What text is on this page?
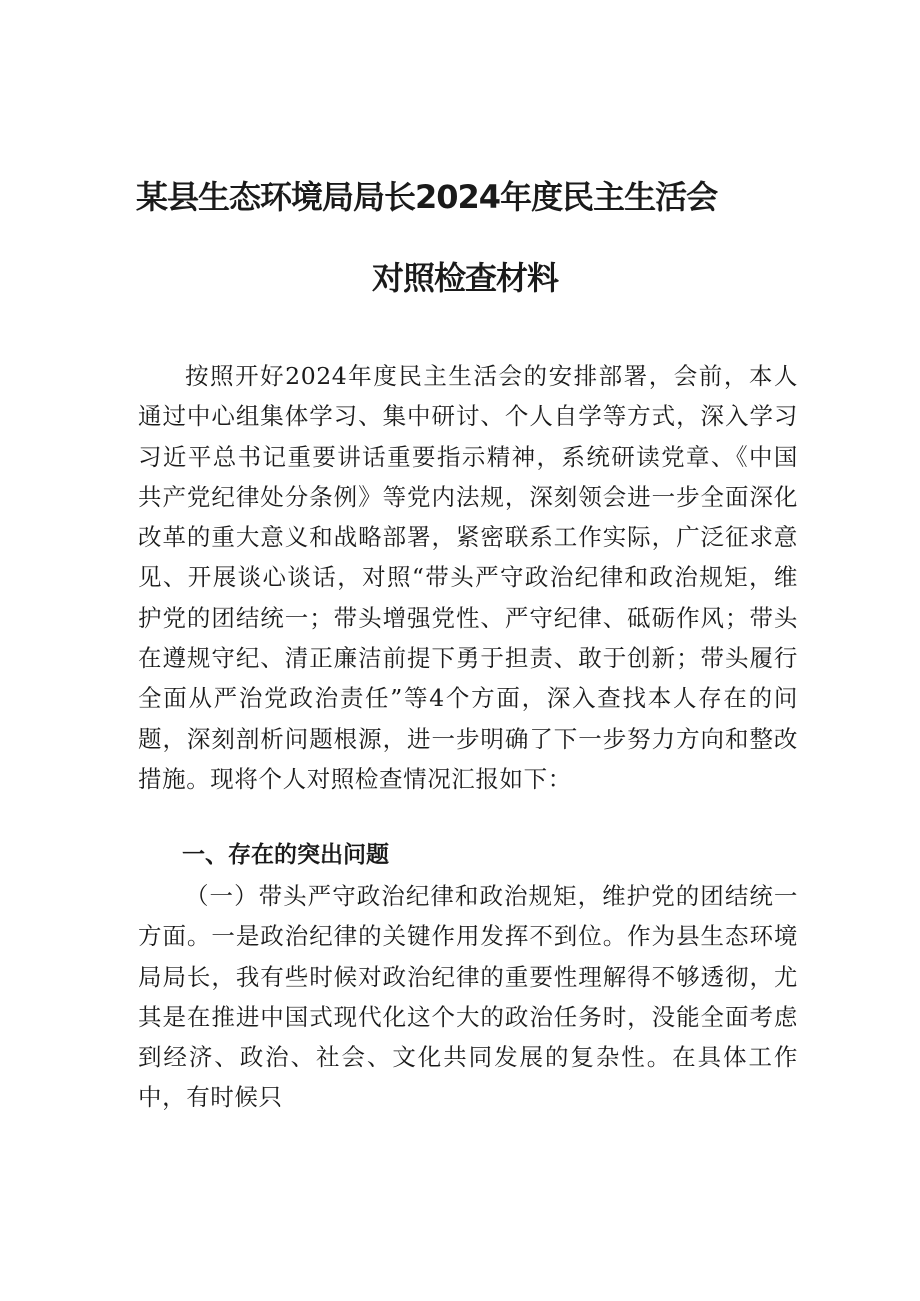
某县生态环境局局长2024年度民主生活会
对照检查材料
按照开好2024年度民主生活会的安排部署，会前，本人通过中心组集体学习、集中研讨、个人自学等方式，深入学习习近平总书记重要讲话重要指示精神，系统研读党章、《中国共产党纪律处分条例》等党内法规，深刻领会进一步全面深化改革的重大意义和战略部署，紧密联系工作实际，广泛征求意见、开展谈心谈话，对照“带头严守政治纪律和政治规矩，维护党的团结统一；带头增强党性、严守纪律、砥砺作风；带头在遵规守纪、清正廉洁前提下勇于担责、敢于创新；带头履行全面从严治党政治责任”等4个方面，深入查找本人存在的问题，深刻剖析问题根源，进一步明确了下一步努力方向和整改措施。现将个人对照检查情况汇报如下：
一、存在的突出问题
（一）带头严守政治纪律和政治规矩，维护党的团结统一方面。一是政治纪律的关键作用发挥不到位。作为县生态环境局局长，我有些时候对政治纪律的重要性理解得不够透彻，尤其是在推进中国式现代化这个大的政治任务时，没能全面考虑到经济、政治、社会、文化共同发展的复杂性。在具体工作中，有时候只
